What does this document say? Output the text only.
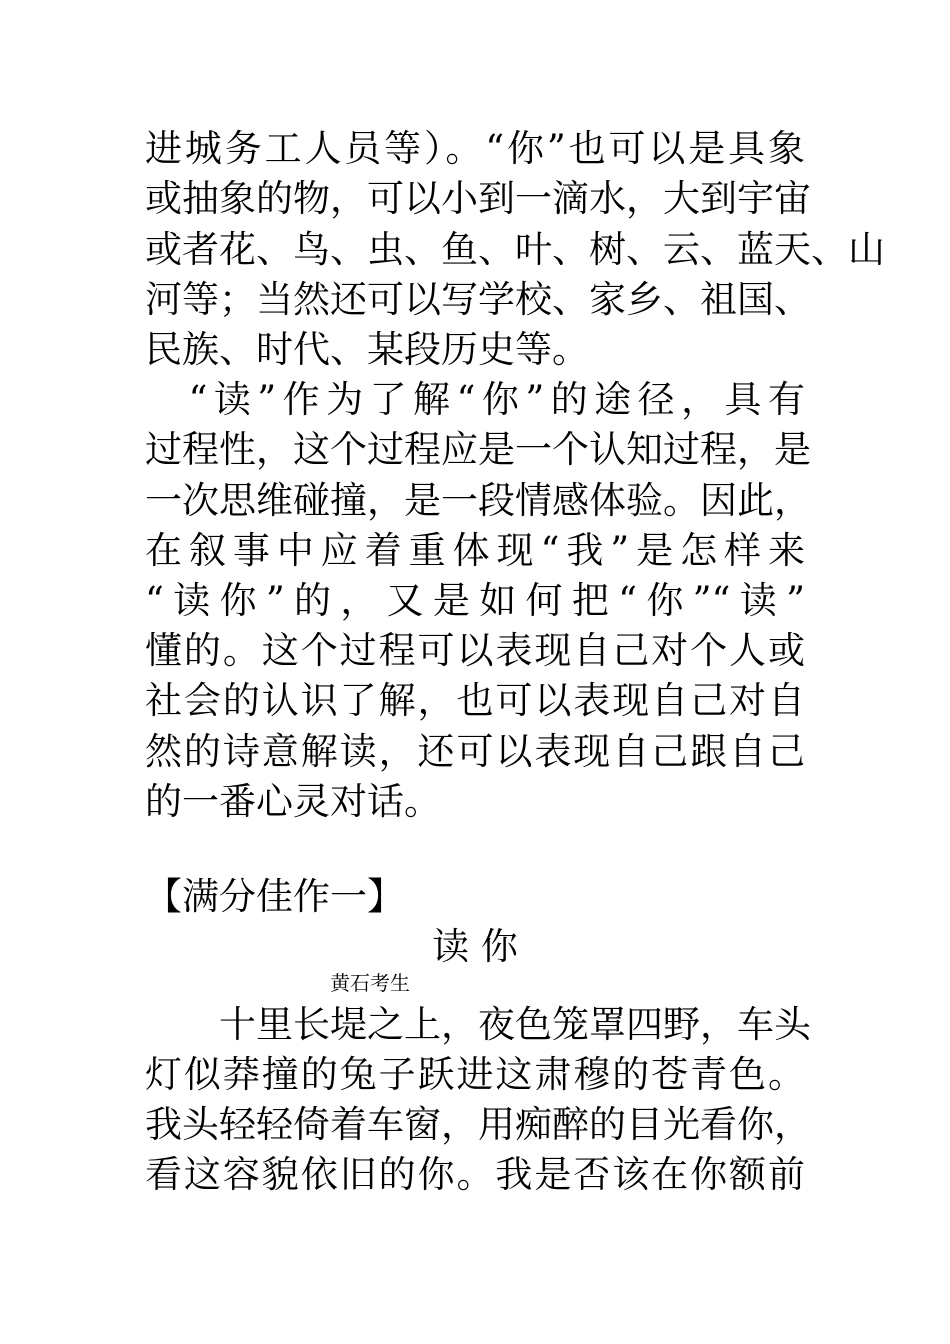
进城务工人员等）。“你”也可以是具象
或抽象的物，可以小到一滴水，大到宇宙
或者花、鸟、虫、鱼、叶、树、云、蓝天、山
河等；当然还可以写学校、家乡、祖国、
民族、时代、某段历史等。
　“读”作为了解“你”的途径，具有
过程性，这个过程应是一个认知过程，是
一次思维碰撞，是一段情感体验。因此，
在叙事中应着重体现“我”是怎样来
“读你”的，又是如何把“你”“读”
懂的。这个过程可以表现自己对个人或
社会的认识了解，也可以表现自己对自
然的诗意解读，还可以表现自己跟自己
的一番心灵对话。
【满分佳作一】
读 你
黄石考生
　　十里长堤之上，夜色笼罩四野，车头
灯似莽撞的兔子跃进这肃穆的苍青色。
我头轻轻倚着车窗，用痴醉的目光看你，
看这容貌依旧的你。我是否该在你额前
